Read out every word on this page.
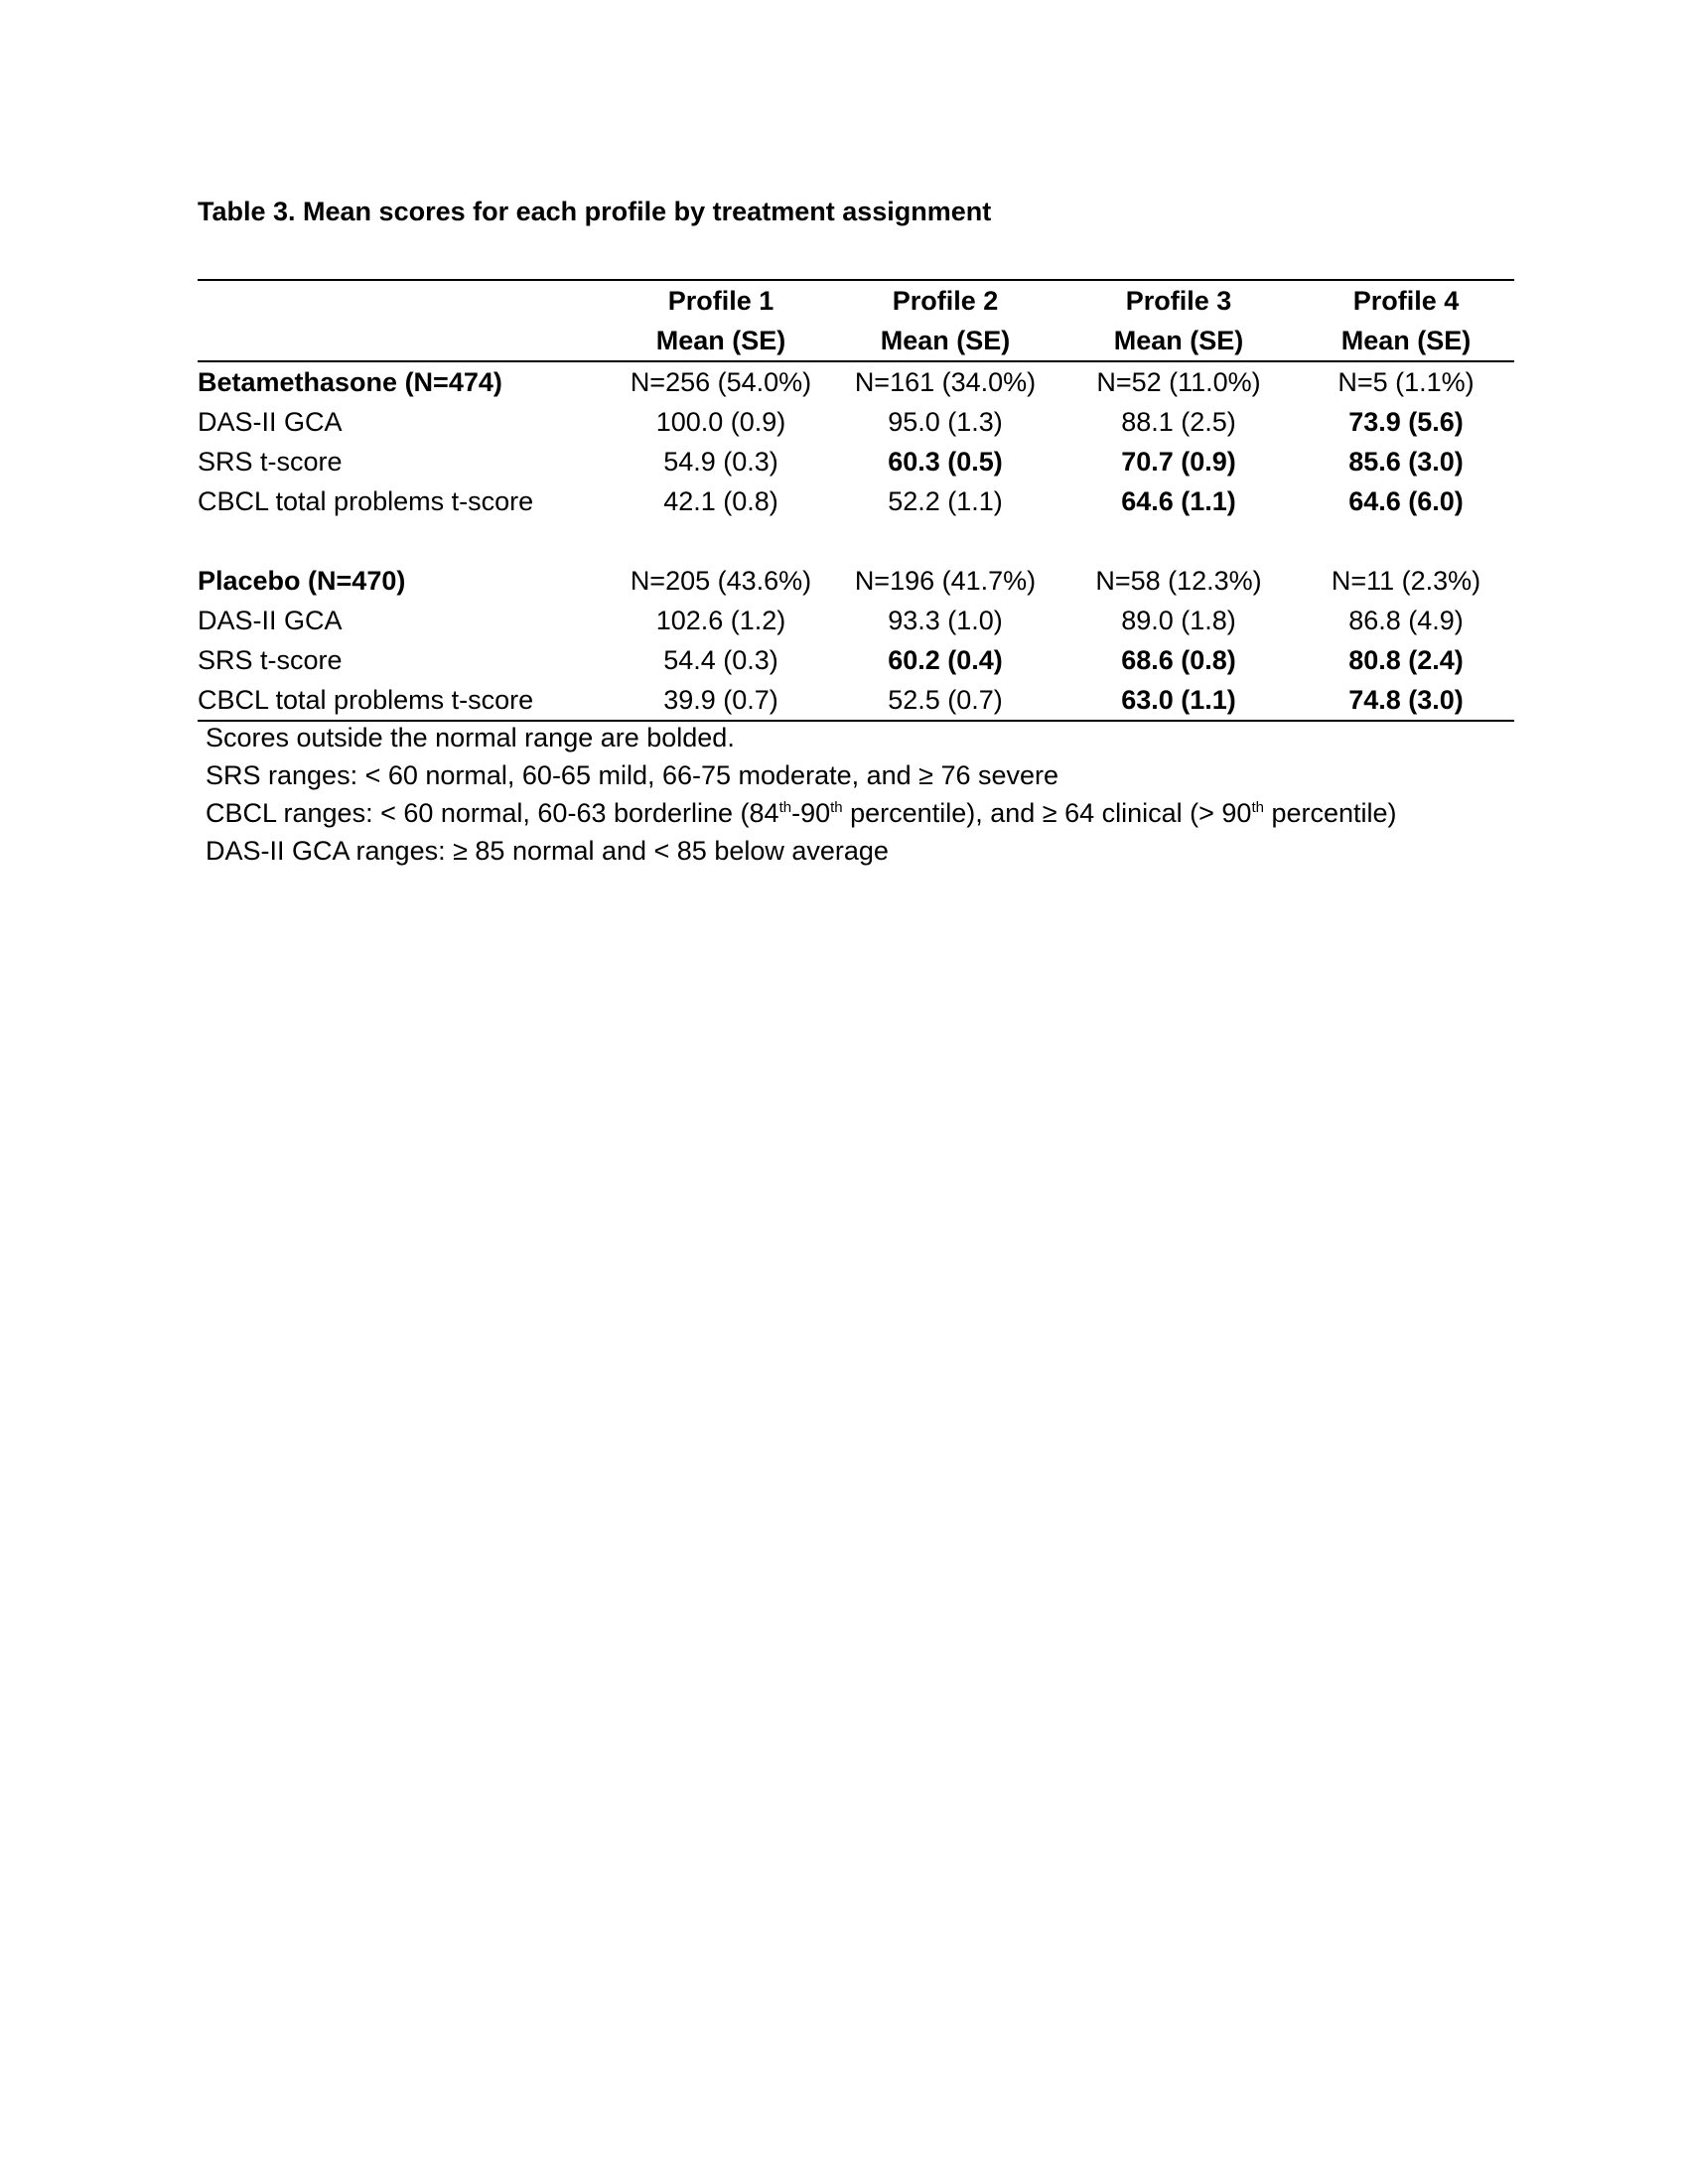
Table 3. Mean scores for each profile by treatment assignment
	Profile 1	Profile 2	Profile 3	Profile 4
	Mean (SE)	Mean (SE)	Mean (SE)	Mean (SE)
Betamethasone (N=474)	N=256 (54.0%)	N=161 (34.0%)	N=52 (11.0%)	N=5 (1.1%)
DAS-II GCA	100.0 (0.9)	95.0 (1.3)	88.1 (2.5)	73.9 (5.6)
SRS t-score	54.9 (0.3)	60.3 (0.5)	70.7 (0.9)	85.6 (3.0)
CBCL total problems t-score	42.1 (0.8)	52.2 (1.1)	64.6 (1.1)	64.6 (6.0)

Placebo (N=470)	N=205 (43.6%)	N=196 (41.7%)	N=58 (12.3%)	N=11 (2.3%)
DAS-II GCA	102.6 (1.2)	93.3 (1.0)	89.0 (1.8)	86.8 (4.9)
SRS t-score	54.4 (0.3)	60.2 (0.4)	68.6 (0.8)	80.8 (2.4)
CBCL total problems t-score	39.9 (0.7)	52.5 (0.7)	63.0 (1.1)	74.8 (3.0)
Scores outside the normal range are bolded.
SRS ranges: < 60 normal, 60-65 mild, 66-75 moderate, and ≥ 76 severe
CBCL ranges: < 60 normal, 60-63 borderline (84th-90th percentile), and ≥ 64 clinical (> 90th percentile)
DAS-II GCA ranges: ≥ 85 normal and < 85 below average
